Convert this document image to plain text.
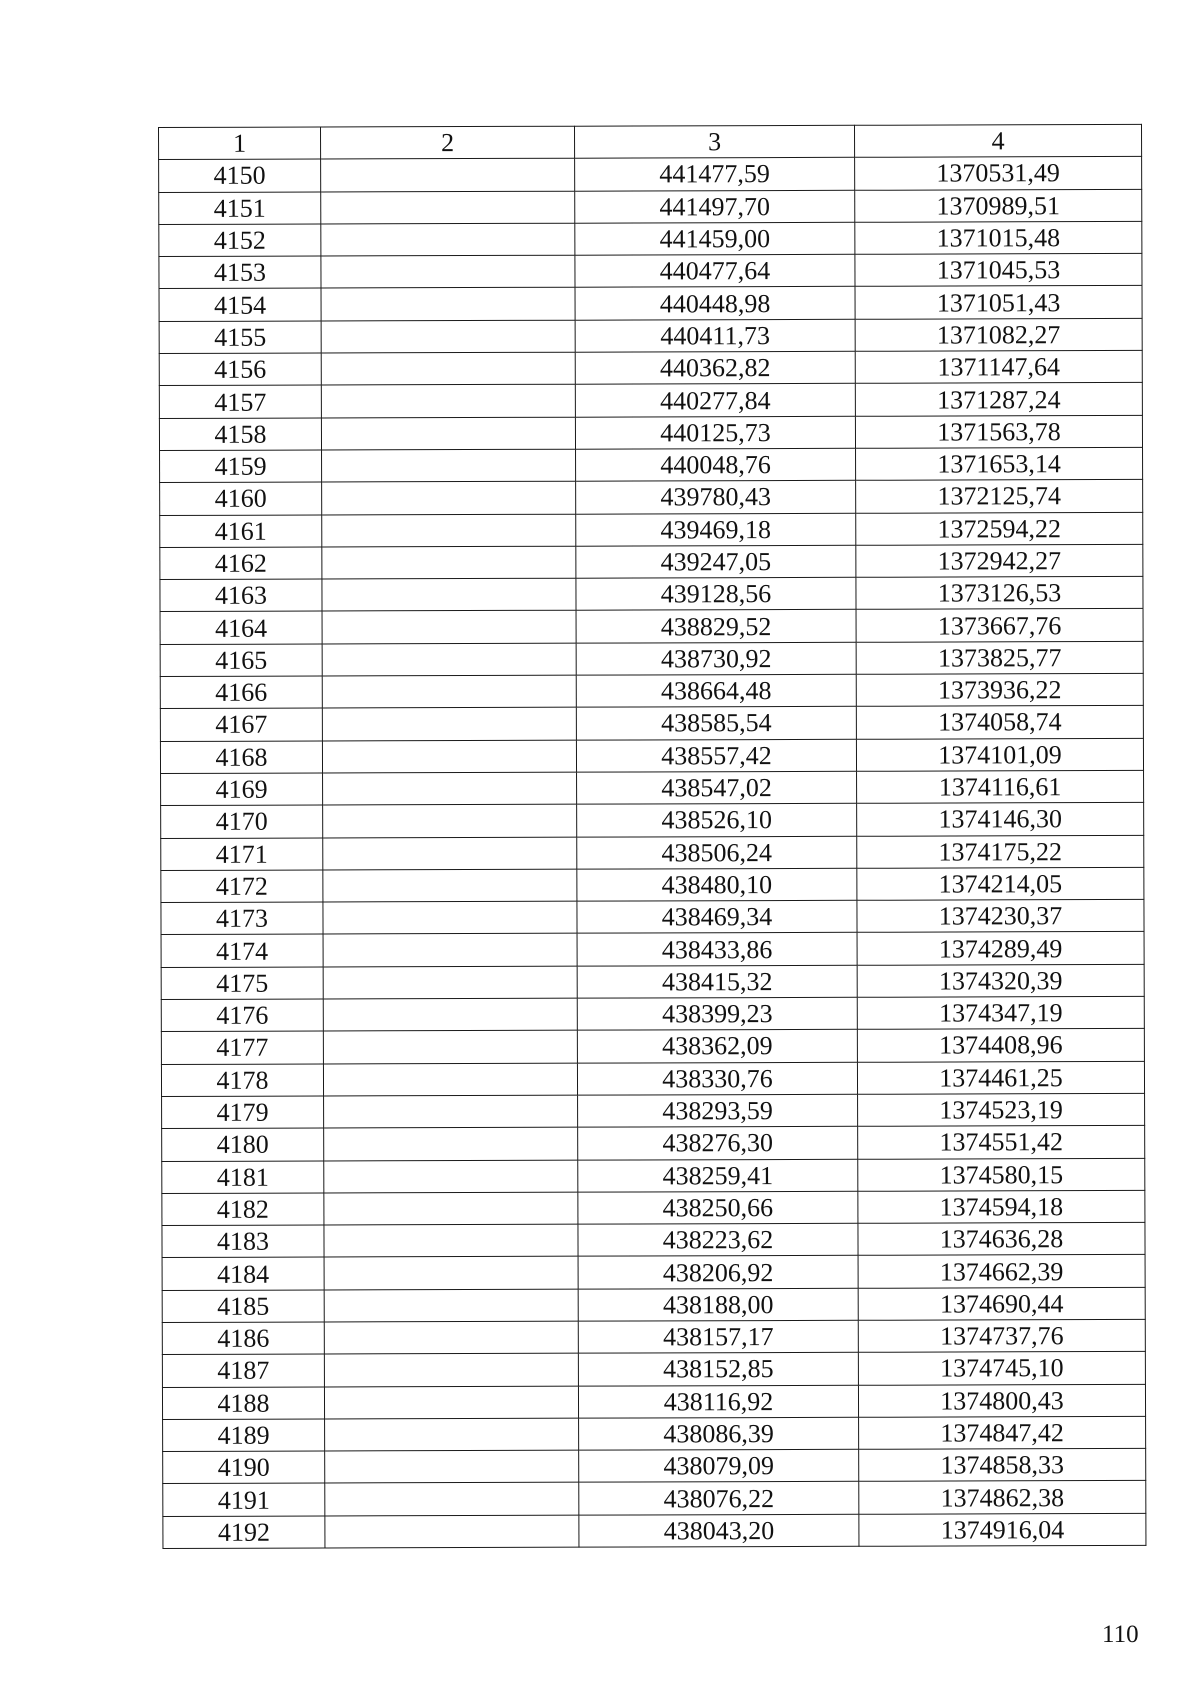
1	2	3	4
4150		441477,59	1370531,49
4151		441497,70	1370989,51
4152		441459,00	1371015,48
4153		440477,64	1371045,53
4154		440448,98	1371051,43
4155		440411,73	1371082,27
4156		440362,82	1371147,64
4157		440277,84	1371287,24
4158		440125,73	1371563,78
4159		440048,76	1371653,14
4160		439780,43	1372125,74
4161		439469,18	1372594,22
4162		439247,05	1372942,27
4163		439128,56	1373126,53
4164		438829,52	1373667,76
4165		438730,92	1373825,77
4166		438664,48	1373936,22
4167		438585,54	1374058,74
4168		438557,42	1374101,09
4169		438547,02	1374116,61
4170		438526,10	1374146,30
4171		438506,24	1374175,22
4172		438480,10	1374214,05
4173		438469,34	1374230,37
4174		438433,86	1374289,49
4175		438415,32	1374320,39
4176		438399,23	1374347,19
4177		438362,09	1374408,96
4178		438330,76	1374461,25
4179		438293,59	1374523,19
4180		438276,30	1374551,42
4181		438259,41	1374580,15
4182		438250,66	1374594,18
4183		438223,62	1374636,28
4184		438206,92	1374662,39
4185		438188,00	1374690,44
4186		438157,17	1374737,76
4187		438152,85	1374745,10
4188		438116,92	1374800,43
4189		438086,39	1374847,42
4190		438079,09	1374858,33
4191		438076,22	1374862,38
4192		438043,20	1374916,04
110
